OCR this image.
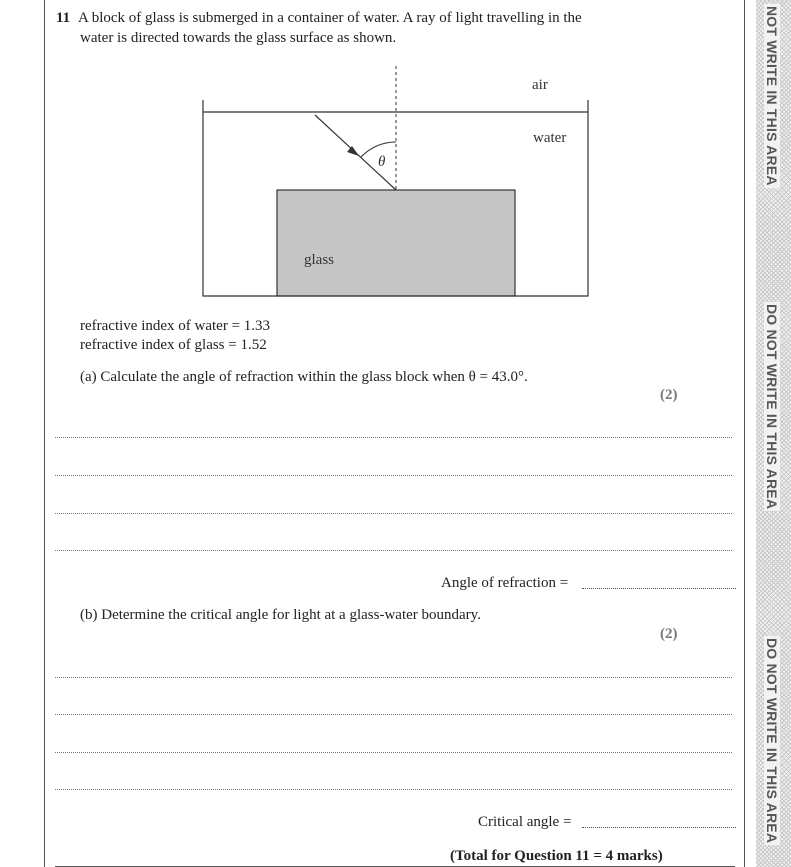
NOT WRITE IN THIS AREA
DO NOT WRITE IN THIS AREA
DO NOT WRITE IN THIS AREA
11 A block of glass is submerged in a container of water. A ray of light travelling in the
water is directed towards the glass surface as shown.
θ
air
water
glass
refractive index of water = 1.33
refractive index of glass = 1.52
(a) Calculate the angle of refraction within the glass block when θ = 43.0°.
(2)
Angle of refraction =
(b) Determine the critical angle for light at a glass-water boundary.
(2)
Critical angle =
(Total for Question 11 = 4 marks)
